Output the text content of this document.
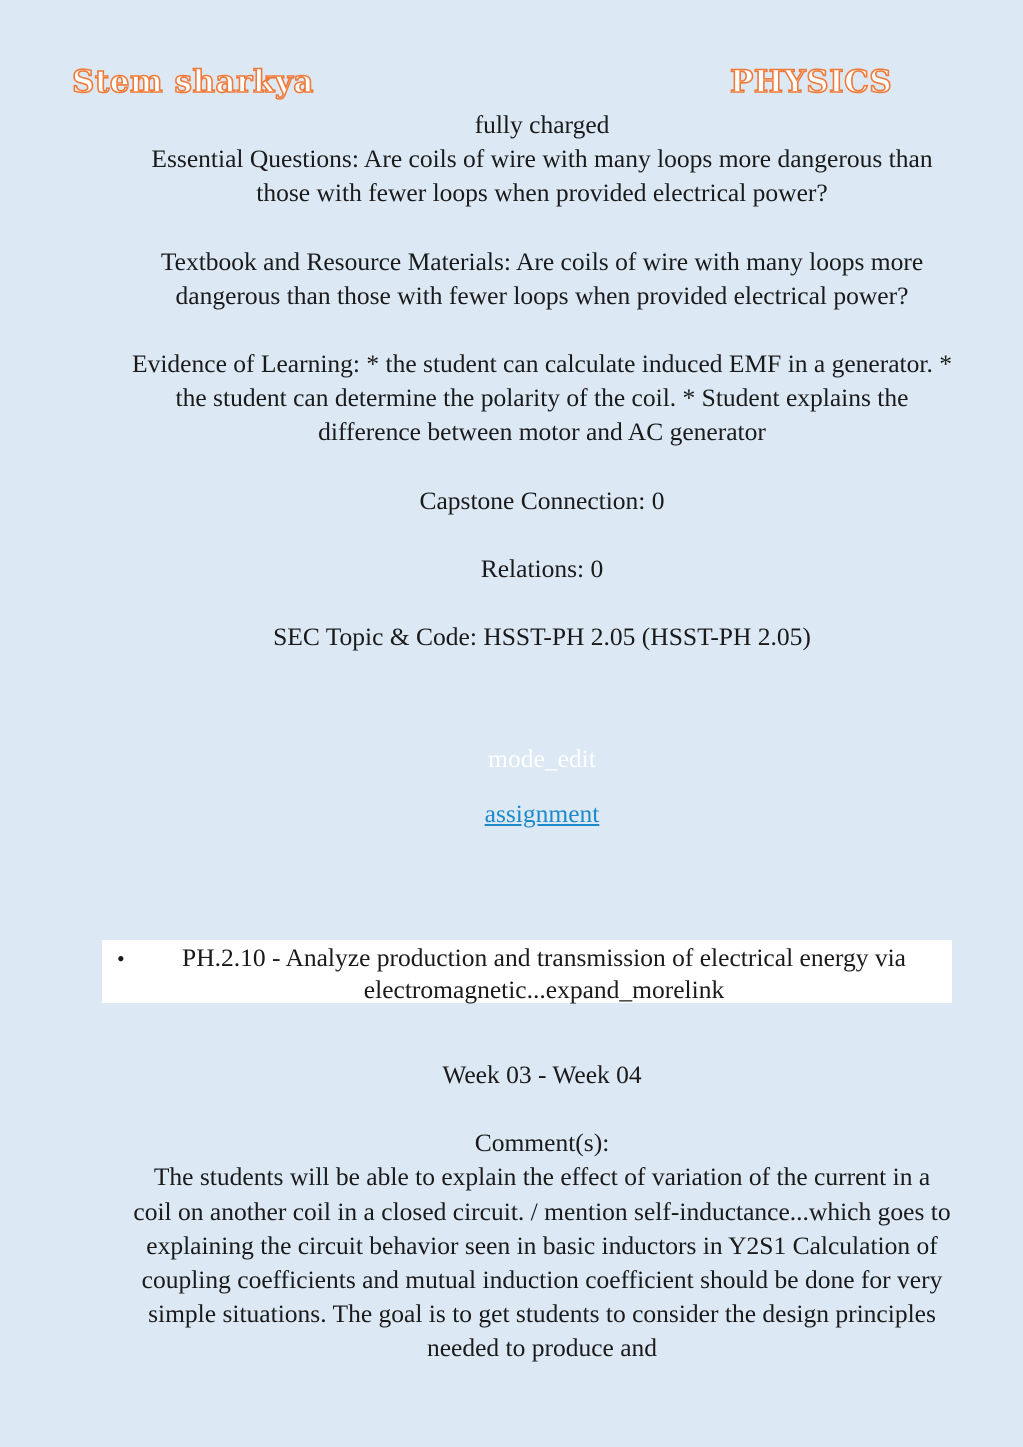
Stem sharkya	PHYSICS

fully charged

Essential Questions: Are coils of wire with many loops more dangerous than those with fewer loops when provided electrical power?

Textbook and Resource Materials: Are coils of wire with many loops more dangerous than those with fewer loops when provided electrical power?

Evidence of Learning: * the student can calculate induced EMF in a generator. * the student can determine the polarity of the coil. * Student explains the difference between motor and AC generator

Capstone Connection: 0

Relations: 0

SEC Topic & Code: HSST-PH 2.05 (HSST-PH 2.05)

mode_edit
assignment
•	PH.2.10 - Analyze production and transmission of electrical energy via electromagnetic...expand_morelink

Week 03 - Week 04

Comment(s):

The students will be able to explain the effect of variation of the current in a coil on another coil in a closed circuit. / mention self-inductance...which goes to explaining the circuit behavior seen in basic inductors in Y2S1 Calculation of coupling coefficients and mutual induction coefficient should be done for very simple situations. The goal is to get students to consider the design principles needed to produce and
